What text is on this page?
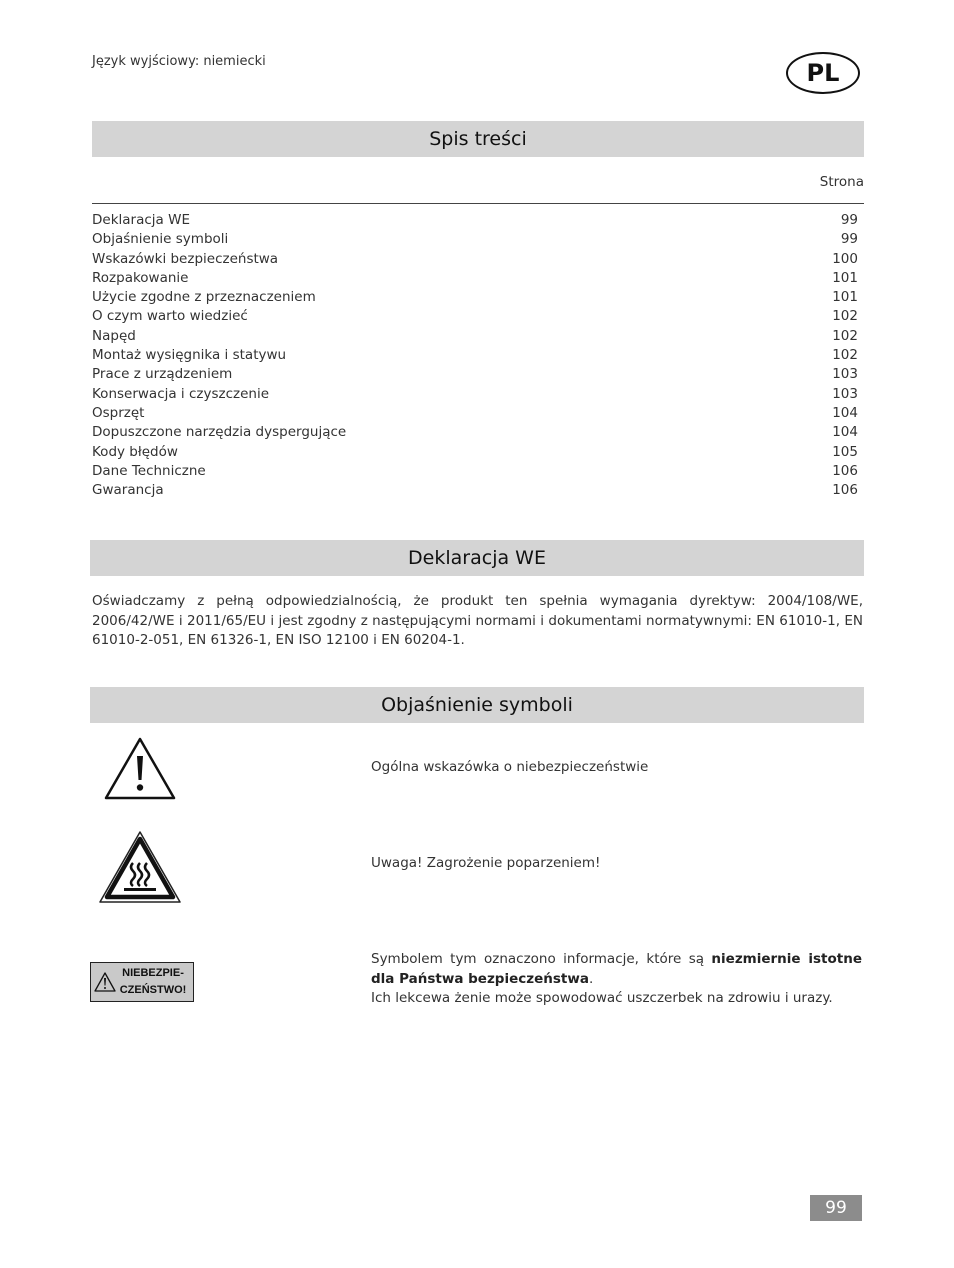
Język wyjściowy: niemiecki	PL
Spis treści
Strona
Deklaracja WE	99
Objaśnienie symboli	99
Wskazówki bezpieczeństwa	100
Rozpakowanie	101
Użycie zgodne z przeznaczeniem	101
O czym warto wiedzieć	102
Napęd	102
Montaż wysięgnika i statywu	102
Prace z urządzeniem	103
Konserwacja i czyszczenie	103
Osprzęt	104
Dopuszczone narzędzia dyspergujące	104
Kody błędów	105
Dane Techniczne	106
Gwarancja	106
Deklaracja WE

Oświadczamy z pełną odpowiedzialnością, że produkt ten spełnia wymagania dyrektyw: 2004/108/WE, 2006/42/WE i 2011/65/EU i jest zgodny z następującymi normami i dokumentami normatywnymi: EN 61010-1, EN 61010-2-051, EN 61326-1, EN ISO 12100 i EN 60204-1.

Objaśnienie symboli

Ogólna wskazówka o niebezpieczeństwie

Uwaga! Zagrożenie poparzeniem!

NIEBEZPIE-
CZEŃSTWO!

Symbolem tym oznaczono informacje, które są niezmiernie istotne dla Państwa bezpieczeństwa.
Ich lekcewa żenie może spowodować uszczerbek na zdrowiu i urazy.

99
